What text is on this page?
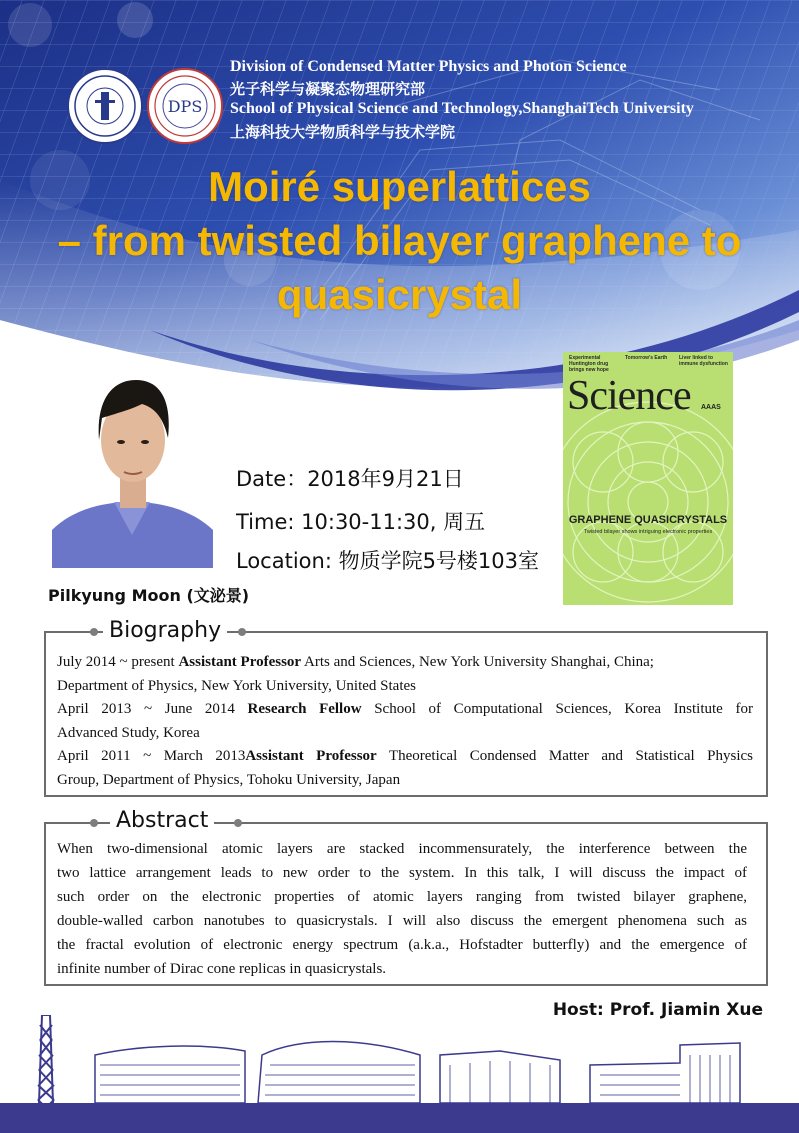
DPS
Division of Condensed Matter Physics and Photon Science
光子科学与凝聚态物理研究部
School of Physical Science and Technology,ShanghaiTech University
上海科技大学物质科学与技术学院
Moiré superlattices
– from twisted bilayer graphene to
quasicrystal
Date：2018年9月21日
Time: 10:30-11:30, 周五
Location: 物质学院5号楼103室
Pilkyung Moon (文泌景)
Experimental Huntington drug brings new hope
Tomorrow's Earth	Liver linked to immune dysfunction
Science AAAS
GRAPHENE QUASICRYSTALS
Twisted bilayer shows intriguing electronic properties
Biography
July 2014 ~ present Assistant Professor Arts and Sciences, New York University Shanghai, China;
Department of Physics, New York University, United States
April 2013 ~ June 2014 Research Fellow School of Computational Sciences, Korea Institute for
Advanced Study, Korea
April 2011 ~ March 2013Assistant Professor Theoretical Condensed Matter and Statistical Physics
Group, Department of Physics, Tohoku University, Japan
Abstract
When two-dimensional atomic layers are stacked incommensurately, the interference between the
two lattice arrangement leads to new order to the system. In this talk, I will discuss the impact of
such order on the electronic properties of atomic layers ranging from twisted bilayer graphene,
double-walled carbon nanotubes to quasicrystals. I will also discuss the emergent phenomena such as
the fractal evolution of electronic energy spectrum (a.k.a., Hofstadter butterfly) and the emergence of
infinite number of Dirac cone replicas in quasicrystals.
Host: Prof. Jiamin Xue
